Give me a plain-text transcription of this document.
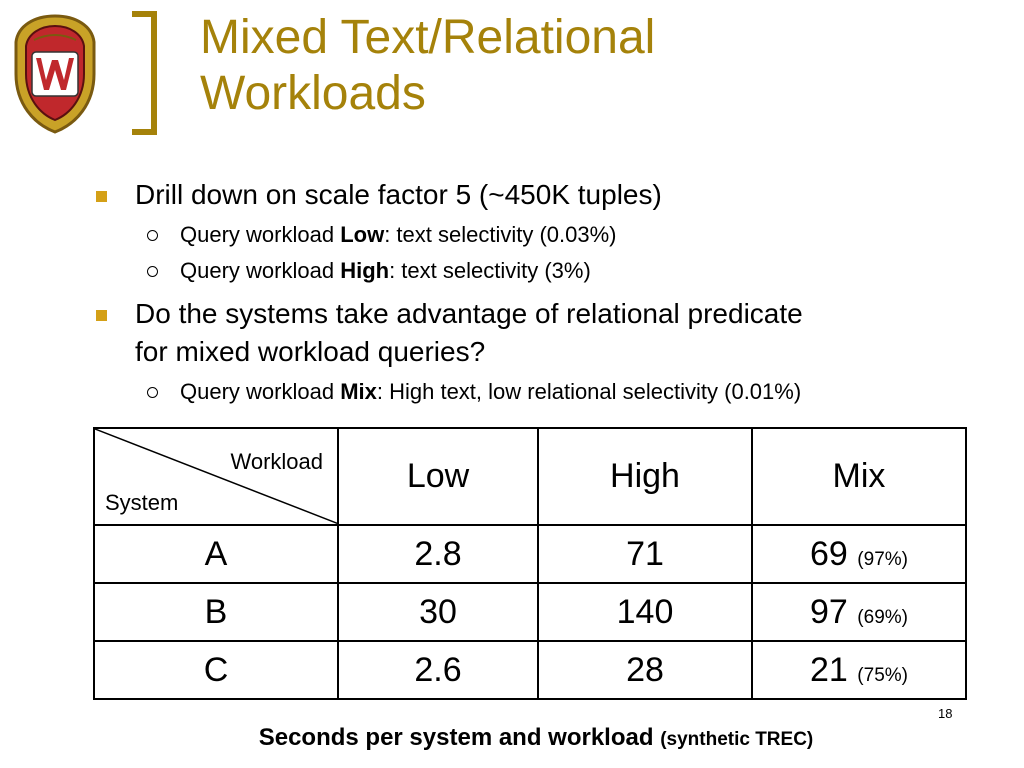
Mixed Text/Relational
Workloads
Drill down on scale factor 5 (~450K tuples)
Query workload Low: text selectivity (0.03%)
Query workload High: text selectivity (3%)
Do the systems take advantage of relational predicate
for mixed workload queries?
Query workload Mix: High text, low relational selectivity (0.01%)
Workload
System	Low	High	Mix
A	2.8	71	69 (97%)
B	30	140	97 (69%)
C	2.6	28	21 (75%)
18
Seconds per system and workload (synthetic TREC)
